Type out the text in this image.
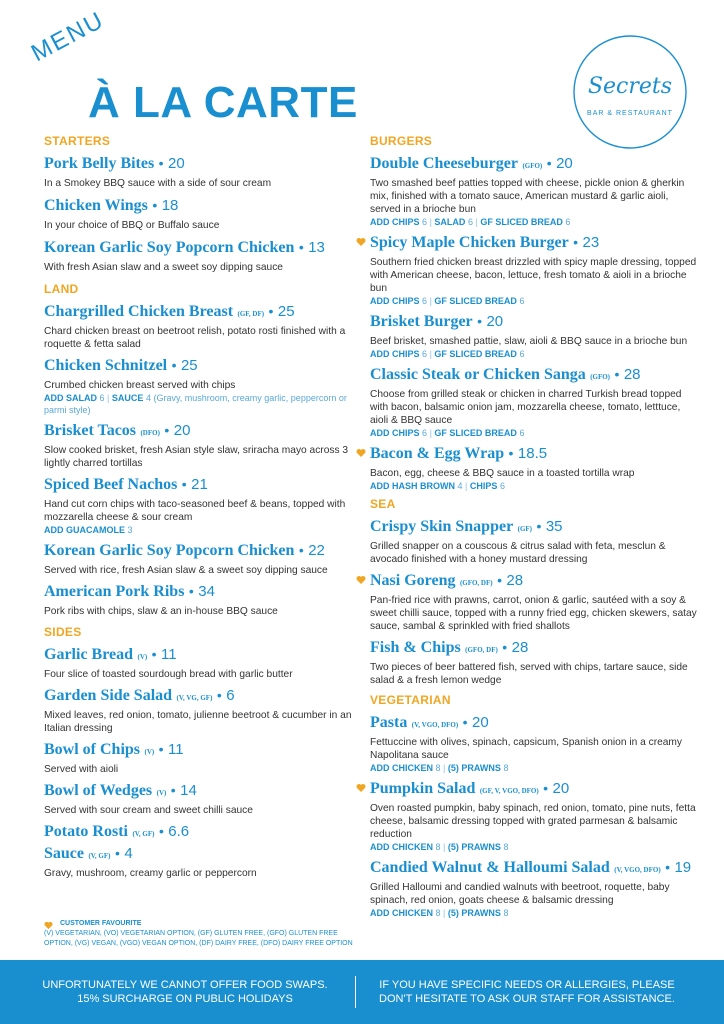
MENU
À LA CARTE	Secrets
BAR & RESTAURANT
STARTERS
Pork Belly Bites • 20
In a Smokey BBQ sauce with a side of sour cream
Chicken Wings • 18
In your choice of BBQ or Buffalo sauce
Korean Garlic Soy Popcorn Chicken • 13
With fresh Asian slaw and a sweet soy dipping sauce
LAND
Chargrilled Chicken Breast (GF, DF) • 25
Chard chicken breast on beetroot relish, potato rosti finished with a roquette & fetta salad
Chicken Schnitzel • 25
Crumbed chicken breast served with chips
ADD SALAD 6 | SAUCE 4 (Gravy, mushroom, creamy garlic, peppercorn or parmi style)
Brisket Tacos (DFO) • 20
Slow cooked brisket, fresh Asian style slaw, sriracha mayo across 3 lightly charred tortillas
Spiced Beef Nachos • 21
Hand cut corn chips with taco-seasoned beef & beans, topped with mozzarella cheese & sour cream
ADD GUACAMOLE 3
Korean Garlic Soy Popcorn Chicken • 22
Served with rice, fresh Asian slaw & a sweet soy dipping sauce
American Pork Ribs • 34
Pork ribs with chips, slaw & an in-house BBQ sauce
SIDES
Garlic Bread (V) • 11
Four slice of toasted sourdough bread with garlic butter
Garden Side Salad (V, VG, GF) • 6
Mixed leaves, red onion, tomato, julienne beetroot & cucumber in an Italian dressing
Bowl of Chips (V) • 11
Served with aioli
Bowl of Wedges (V) • 14
Served with sour cream and sweet chilli sauce
Potato Rosti (V, GF) • 6.6
Sauce (V, GF) • 4
Gravy, mushroom, creamy garlic or peppercorn
CUSTOMER FAVOURITE
(V) VEGETARIAN, (VO) VEGETARIAN OPTION, (GF) GLUTEN FREE, (GFO) GLUTEN FREE OPTION, (VG) VEGAN, (VGO) VEGAN OPTION, (DF) DAIRY FREE, (DFO) DAIRY FREE OPTION
BURGERS
Double Cheeseburger (GFO) • 20
Two smashed beef patties topped with cheese, pickle onion & gherkin mix, finished with a tomato sauce, American mustard & garlic aioli, served in a brioche bun
ADD CHIPS 6 | SALAD 6 | GF SLICED BREAD 6
Spicy Maple Chicken Burger • 23
Southern fried chicken breast drizzled with spicy maple dressing, topped with American cheese, bacon, lettuce, fresh tomato & aioli in a brioche bun
ADD CHIPS 6 | GF SLICED BREAD 6
Brisket Burger • 20
Beef brisket, smashed pattie, slaw, aioli & BBQ sauce in a brioche bun
ADD CHIPS 6 | GF SLICED BREAD 6
Classic Steak or Chicken Sanga (GFO) • 28
Choose from grilled steak or chicken in charred Turkish bread topped with bacon, balsamic onion jam, mozzarella cheese, tomato, letttuce, aioli & BBQ sauce
ADD CHIPS 6 | GF SLICED BREAD 6
Bacon & Egg Wrap • 18.5
Bacon, egg, cheese & BBQ sauce in a toasted tortilla wrap
ADD HASH BROWN 4 | CHIPS 6
SEA
Crispy Skin Snapper (GF) • 35
Grilled snapper on a couscous & citrus salad with feta, mesclun & avocado finished with a honey mustard dressing
Nasi Goreng (GFO, DF) • 28
Pan-fried rice with prawns, carrot, onion & garlic, sautéed with a soy & sweet chilli sauce, topped with a runny fried egg, chicken skewers, satay sauce, sambal & sprinkled with fried shallots
Fish & Chips (GFO, DF) • 28
Two pieces of beer battered fish, served with chips, tartare sauce, side salad & a fresh lemon wedge
VEGETARIAN
Pasta (V, VGO, DFO) • 20
Fettuccine with olives, spinach, capsicum, Spanish onion in a creamy Napolitana sauce
ADD CHICKEN 8 | (5) PRAWNS 8
Pumpkin Salad (GF, V, VGO, DFO) • 20
Oven roasted pumpkin, baby spinach, red onion, tomato, pine nuts, fetta cheese, balsamic dressing topped with grated parmesan & balsamic reduction
ADD CHICKEN 8 | (5) PRAWNS 8
Candied Walnut & Halloumi Salad (V, VGO, DFO) • 19
Grilled Halloumi and candied walnuts with beetroot, roquette, baby spinach, red onion, goats cheese & balsamic dressing
ADD CHICKEN 8 | (5) PRAWNS 8
UNFORTUNATELY WE CANNOT OFFER FOOD SWAPS.
15% SURCHARGE ON PUBLIC HOLIDAYS
IF YOU HAVE SPECIFIC NEEDS OR ALLERGIES, PLEASE
DON'T HESITATE TO ASK OUR STAFF FOR ASSISTANCE.
